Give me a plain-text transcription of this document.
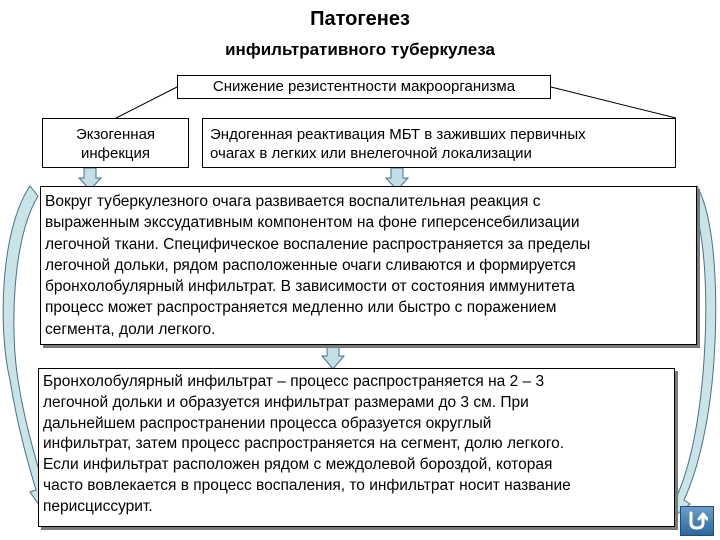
Патогенез
инфильтративного туберкулеза
Снижение резистентности макроорганизма
Экзогенная
инфекция
Эндогенная реактивация МБТ в заживших первичных
очагах в легких или внелегочной локализации
Вокруг туберкулезного очага развивается воспалительная реакция с
выраженным экссудативным компонентом на фоне гиперсенсебилизации
легочной ткани. Специфическое воспаление распространяется за пределы
легочной дольки, рядом расположенные очаги сливаются и формируется
бронхолобулярный инфильтрат. В зависимости от состояния иммунитета
процесс может распространяется медленно или быстро с поражением
сегмента, доли легкого.
Бронхолобулярный инфильтрат – процесс распространяется на 2 – 3
легочной дольки и образуется инфильтрат размерами до 3 см. При
дальнейшем распространении процесса образуется округлый
инфильтрат, затем процесс распространяется на сегмент, долю легкого.
Если инфильтрат расположен рядом с междолевой бороздой, которая
часто вовлекается в процесс воспаления, то инфильтрат носит название
перисциссурит.
